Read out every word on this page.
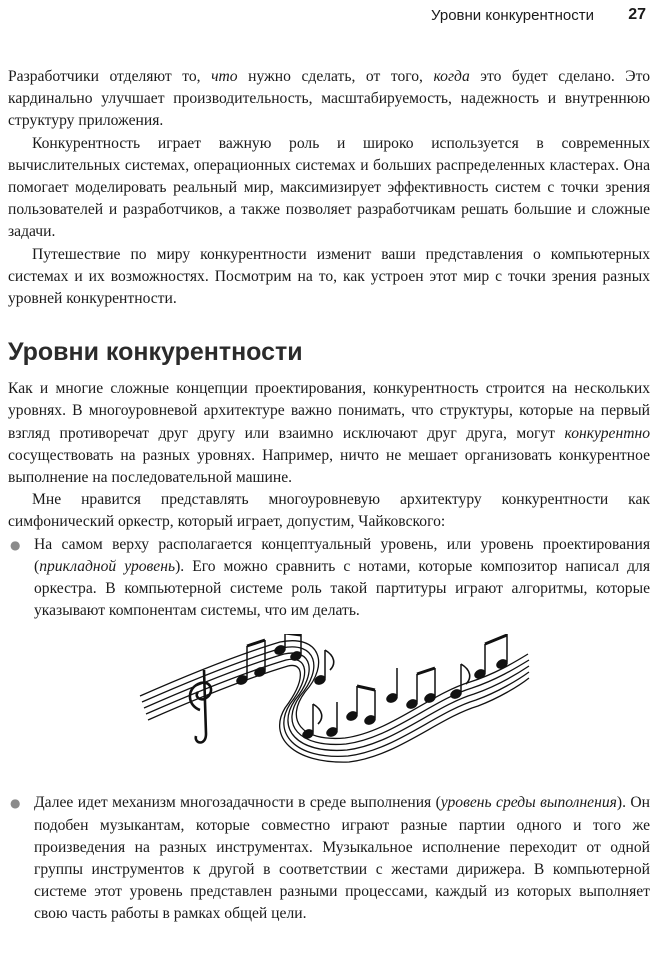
Уровни конкурентности 27

Разработчики отделяют то, что нужно сделать, от того, когда это будет сделано. Это кардинально улучшает производительность, масштабируемость, надежность и внутреннюю структуру приложения.

Конкурентность играет важную роль и широко используется в современных вычислительных системах, операционных системах и больших распределенных кластерах. Она помогает моделировать реальный мир, максимизирует эффективность систем с точки зрения пользователей и разработчиков, а также позволяет разработчикам решать большие и сложные задачи.

Путешествие по миру конкурентности изменит ваши представления о компьютерных системах и их возможностях. Посмотрим на то, как устроен этот мир с точки зрения разных уровней конкурентности.

Уровни конкурентности

Как и многие сложные концепции проектирования, конкурентность строится на нескольких уровнях. В многоуровневой архитектуре важно понимать, что структуры, которые на первый взгляд противоречат друг другу или взаимно исключают друг друга, могут конкурентно сосуществовать на разных уровнях. Например, ничто не мешает организовать конкурентное выполнение на последовательной машине.

Мне нравится представлять многоуровневую архитектуру конкурентности как симфонический оркестр, который играет, допустим, Чайковского:

● На самом верху располагается концептуальный уровень, или уровень проектирования (прикладной уровень). Его можно сравнить с нотами, которые композитор написал для оркестра. В компьютерной системе роль такой партитуры играют алгоритмы, которые указывают компонентам системы, что им делать.
● Далее идет механизм многозадачности в среде выполнения (уровень среды выполнения). Он подобен музыкантам, которые совместно играют разные партии одного и того же произведения на разных инструментах. Музыкальное исполнение переходит от одной группы инструментов к другой в соответствии с жестами дирижера. В компьютерной системе этот уровень представлен разными процессами, каждый из которых выполняет свою часть работы в рамках общей цели.
